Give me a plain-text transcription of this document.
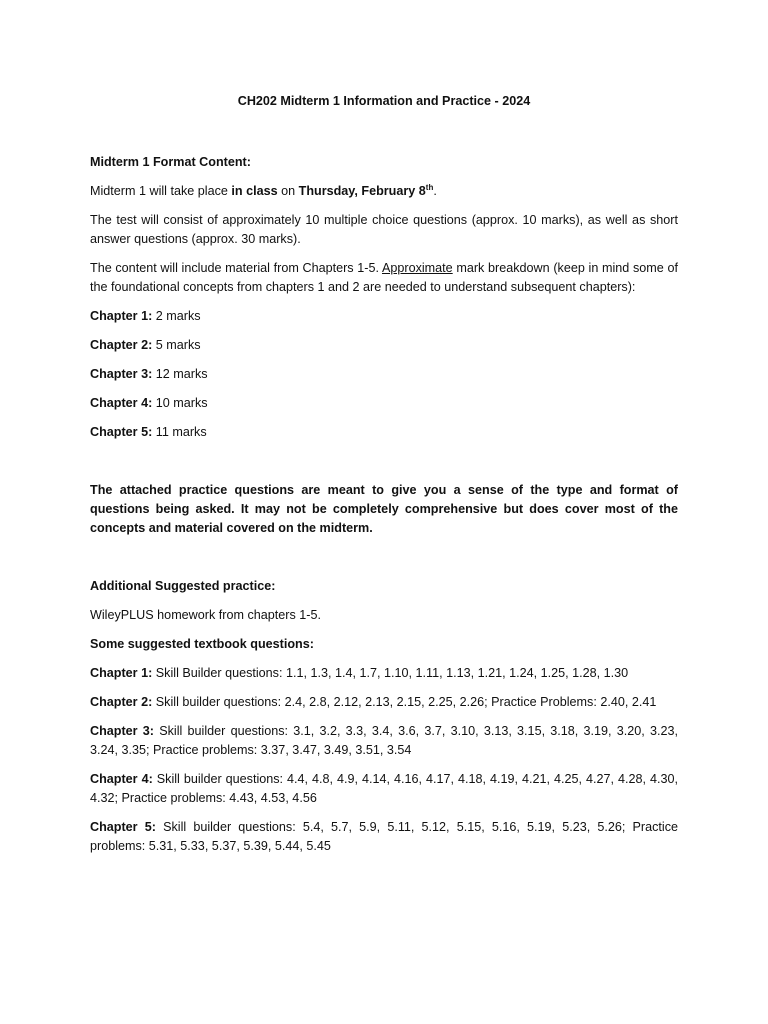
CH202 Midterm 1 Information and Practice - 2024
Midterm 1 Format Content:
Midterm 1 will take place in class on Thursday, February 8th.
The test will consist of approximately 10 multiple choice questions (approx. 10 marks), as well as short answer questions (approx. 30 marks).
The content will include material from Chapters 1-5. Approximate mark breakdown (keep in mind some of the foundational concepts from chapters 1 and 2 are needed to understand subsequent chapters):
Chapter 1: 2 marks
Chapter 2: 5 marks
Chapter 3: 12 marks
Chapter 4: 10 marks
Chapter 5: 11 marks
The attached practice questions are meant to give you a sense of the type and format of questions being asked. It may not be completely comprehensive but does cover most of the concepts and material covered on the midterm.
Additional Suggested practice:
WileyPLUS homework from chapters 1-5.
Some suggested textbook questions:
Chapter 1: Skill Builder questions: 1.1, 1.3, 1.4, 1.7, 1.10, 1.11, 1.13, 1.21, 1.24, 1.25, 1.28, 1.30
Chapter 2: Skill builder questions: 2.4, 2.8, 2.12, 2.13, 2.15, 2.25, 2.26; Practice Problems: 2.40, 2.41
Chapter 3: Skill builder questions: 3.1, 3.2, 3.3, 3.4, 3.6, 3.7, 3.10, 3.13, 3.15, 3.18, 3.19, 3.20, 3.23, 3.24, 3.35; Practice problems: 3.37, 3.47, 3.49, 3.51, 3.54
Chapter 4: Skill builder questions: 4.4, 4.8, 4.9, 4.14, 4.16, 4.17, 4.18, 4.19, 4.21, 4.25, 4.27, 4.28, 4.30, 4.32; Practice problems: 4.43, 4.53, 4.56
Chapter 5: Skill builder questions: 5.4, 5.7, 5.9, 5.11, 5.12, 5.15, 5.16, 5.19, 5.23, 5.26; Practice problems: 5.31, 5.33, 5.37, 5.39, 5.44, 5.45
